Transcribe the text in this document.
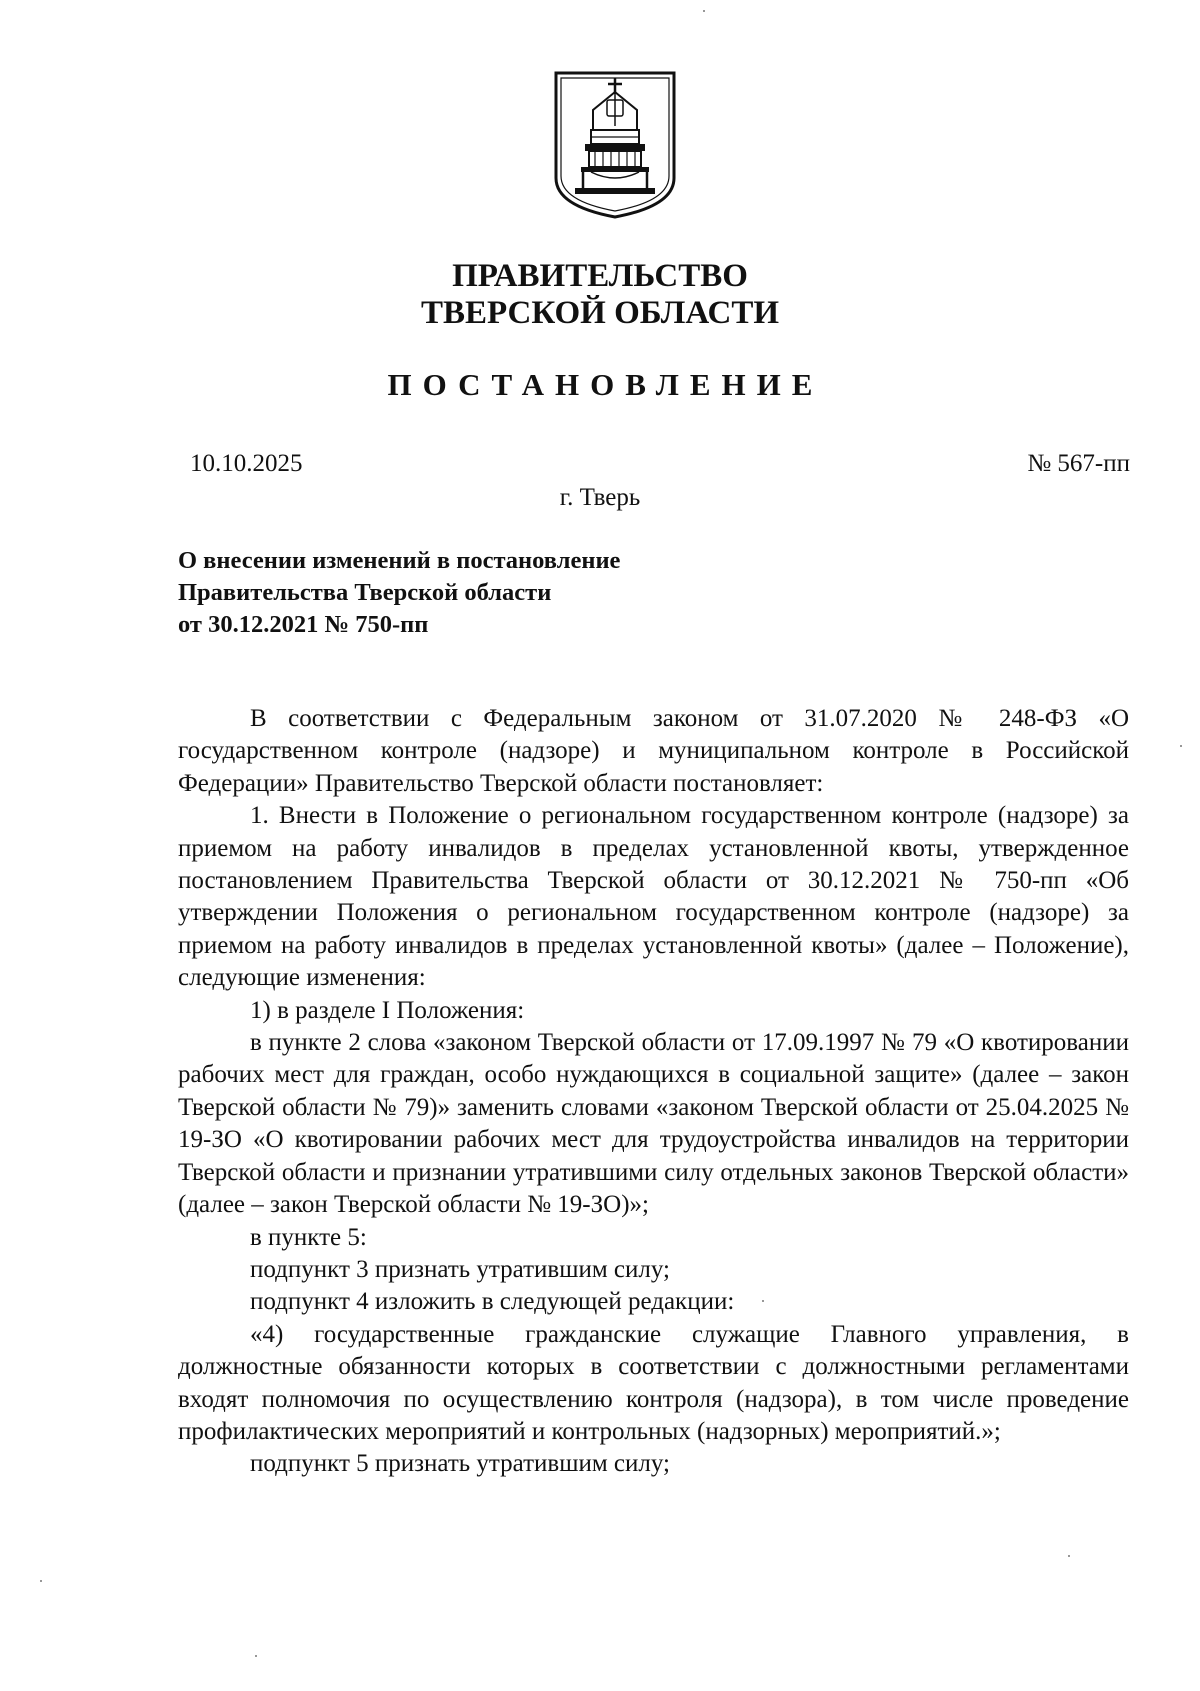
ПРАВИТЕЛЬСТВО
ТВЕРСКОЙ ОБЛАСТИ
ПОСТАНОВЛЕНИЕ
10.10.2025	№ 567-пп
г. Тверь
О внесении изменений в постановление
Правительства Тверской области
от 30.12.2021 № 750-пп

В соответствии с Федеральным законом от 31.07.2020 № 248-ФЗ «О государственном контроле (надзоре) и муниципальном контроле в Российской Федерации» Правительство Тверской области постановляет:

1. Внести в Положение о региональном государственном контроле (надзоре) за приемом на работу инвалидов в пределах установленной квоты, утвержденное постановлением Правительства Тверской области от 30.12.2021 № 750-пп «Об утверждении Положения о региональном государственном контроле (надзоре) за приемом на работу инвалидов в пределах установленной квоты» (далее – Положение), следующие изменения:

1) в разделе I Положения:

в пункте 2 слова «законом Тверской области от 17.09.1997 № 79 «О квотировании рабочих мест для граждан, особо нуждающихся в социальной защите» (далее – закон Тверской области № 79)» заменить словами «законом Тверской области от 25.04.2025 № 19-ЗО «О квотировании рабочих мест для трудоустройства инвалидов на территории Тверской области и признании утратившими силу отдельных законов Тверской области» (далее – закон Тверской области № 19-ЗО)»;

в пункте 5:

подпункт 3 признать утратившим силу;

подпункт 4 изложить в следующей редакции:

«4) государственные гражданские служащие Главного управления, в должностные обязанности которых в соответствии с должностными регламентами входят полномочия по осуществлению контроля (надзора), в том числе проведение профилактических мероприятий и контрольных (надзорных) мероприятий.»;

подпункт 5 признать утратившим силу;
